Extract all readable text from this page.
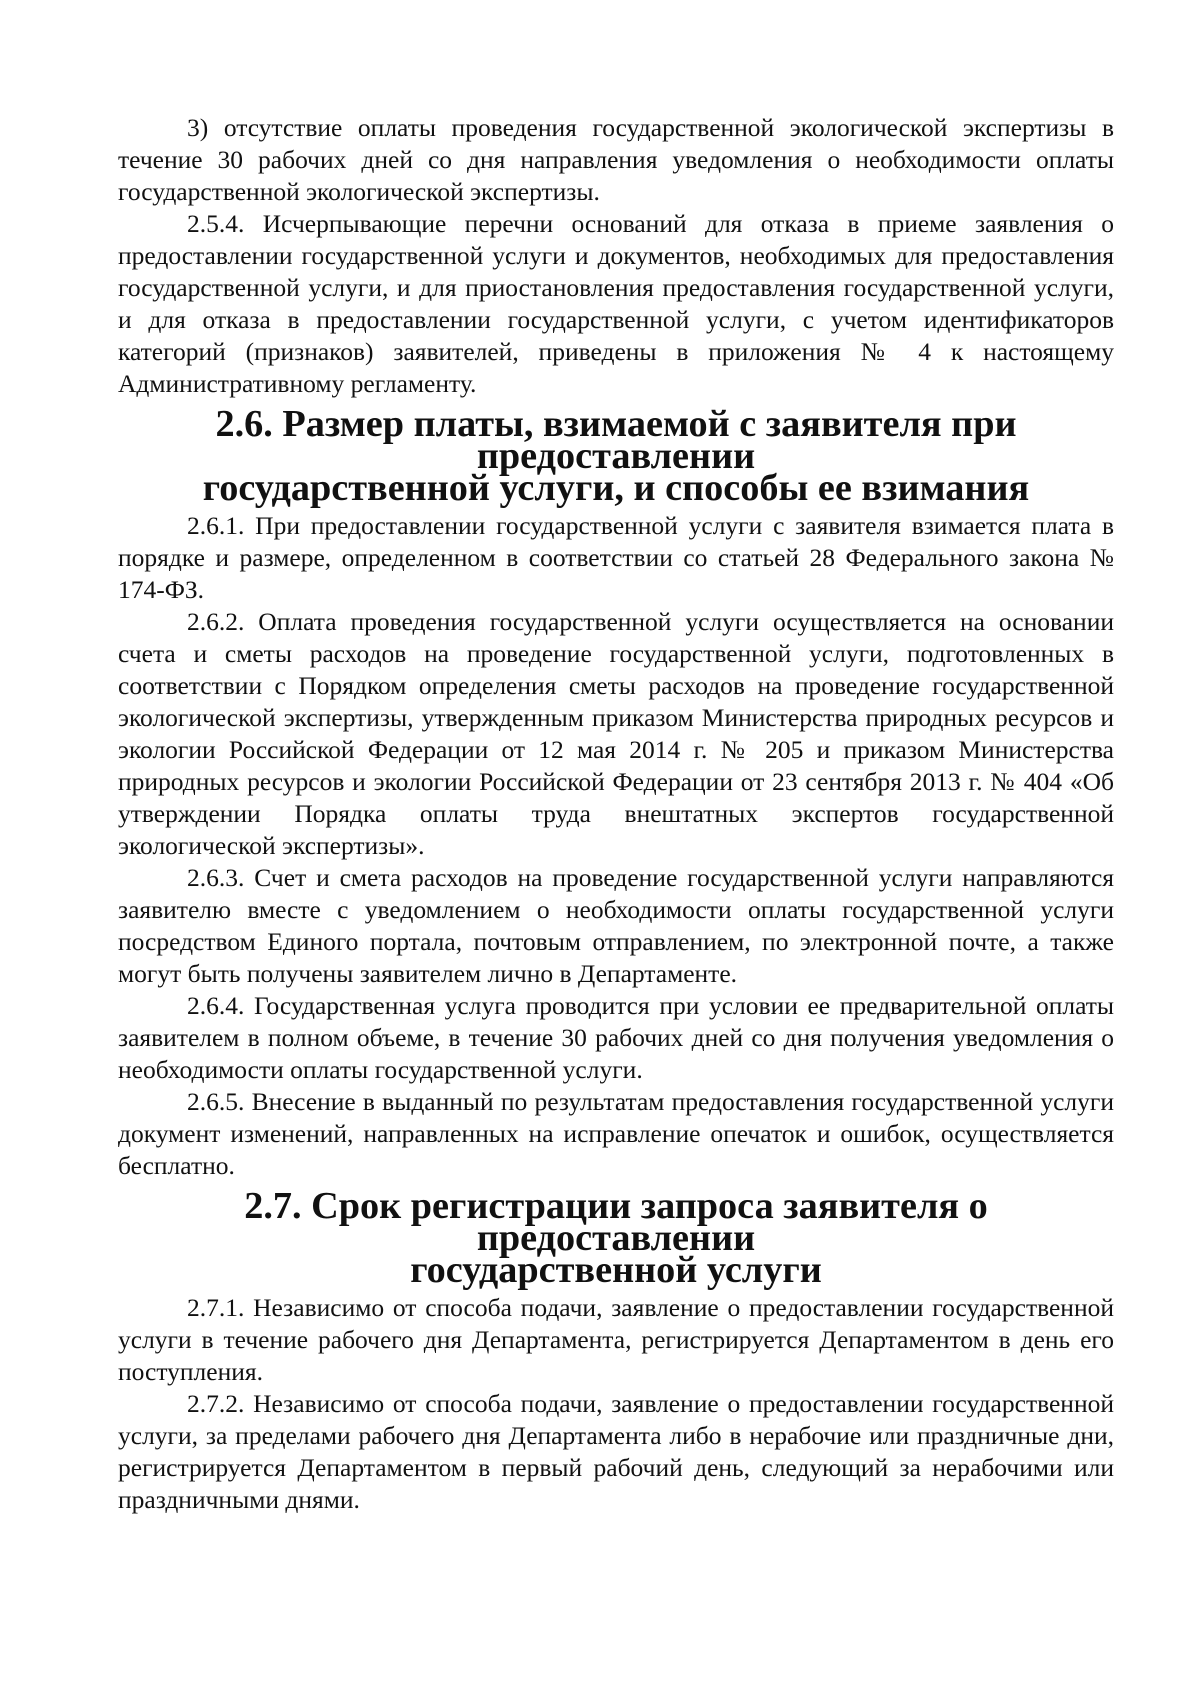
3) отсутствие оплаты проведения государственной экологической экспертизы в течение 30 рабочих дней со дня направления уведомления о необходимости оплаты государственной экологической экспертизы.

2.5.4. Исчерпывающие перечни оснований для отказа в приеме заявления о предоставлении государственной услуги и документов, необходимых для предоставления государственной услуги, и для приостановления предоставления государственной услуги, и для отказа в предоставлении государственной услуги, с учетом идентификаторов категорий (признаков) заявителей, приведены в приложения № 4 к настоящему Административному регламенту.

2.6. Размер платы, взимаемой с заявителя при предоставлении
государственной услуги, и способы ее взимания

2.6.1. При предоставлении государственной услуги с заявителя взимается плата в порядке и размере, определенном в соответствии со статьей 28 Федерального закона № 174-ФЗ.

2.6.2. Оплата проведения государственной услуги осуществляется на основании счета и сметы расходов на проведение государственной услуги, подготовленных в соответствии с Порядком определения сметы расходов на проведение государственной экологической экспертизы, утвержденным приказом Министерства природных ресурсов и экологии Российской Федерации от 12 мая 2014 г. № 205 и приказом Министерства природных ресурсов и экологии Российской Федерации от 23 сентября 2013 г. № 404 «Об утверждении Порядка оплаты труда внештатных экспертов государственной экологической экспертизы».

2.6.3. Счет и смета расходов на проведение государственной услуги направляются заявителю вместе с уведомлением о необходимости оплаты государственной услуги посредством Единого портала, почтовым отправлением, по электронной почте, а также могут быть получены заявителем лично в Департаменте.

2.6.4. Государственная услуга проводится при условии ее предварительной оплаты заявителем в полном объеме, в течение 30 рабочих дней со дня получения уведомления о необходимости оплаты государственной услуги.

2.6.5. Внесение в выданный по результатам предоставления государственной услуги документ изменений, направленных на исправление опечаток и ошибок, осуществляется бесплатно.

2.7. Срок регистрации запроса заявителя о предоставлении
государственной услуги

2.7.1. Независимо от способа подачи, заявление о предоставлении государственной услуги в течение рабочего дня Департамента, регистрируется Департаментом в день его поступления.

2.7.2. Независимо от способа подачи, заявление о предоставлении государственной услуги, за пределами рабочего дня Департамента либо в нерабочие или праздничные дни, регистрируется Департаментом в первый рабочий день, следующий за нерабочими или праздничными днями.
